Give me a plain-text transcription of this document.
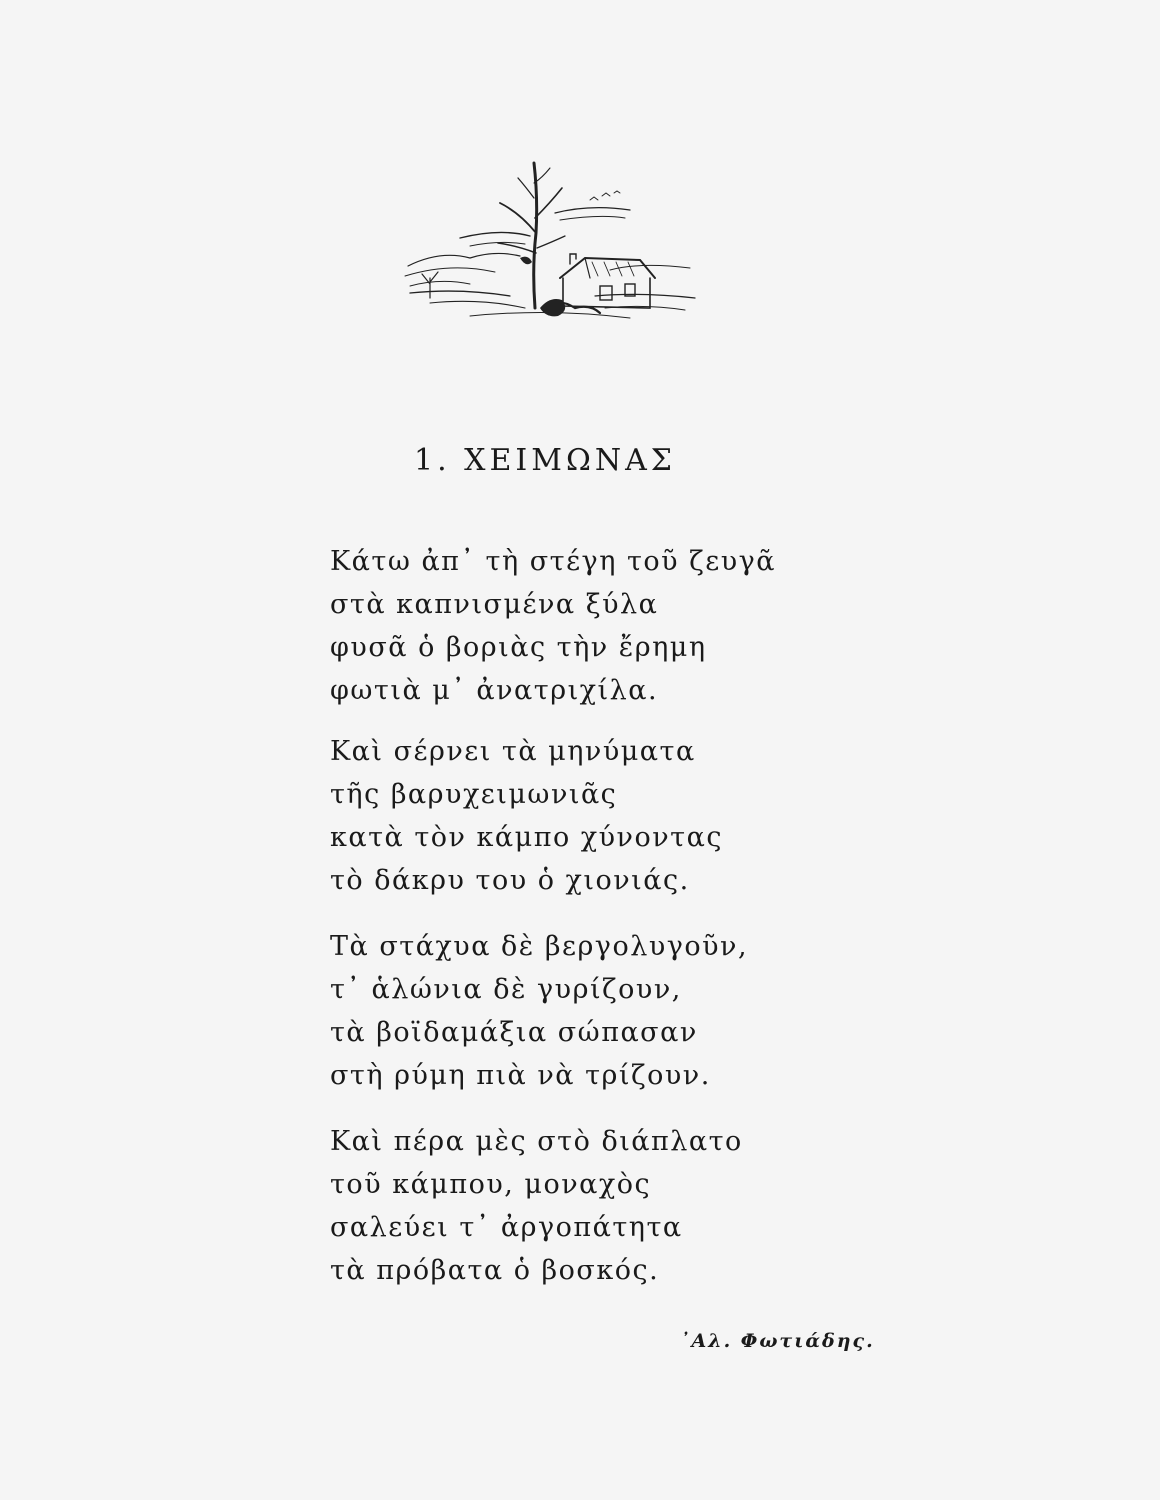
1. ΧΕΙΜΩΝΑΣ
Κάτω ἀπ᾽ τὴ στέγη τοῦ ζευγᾶ
στὰ καπνισμένα ξύλα
φυσᾶ ὁ βοριὰς τὴν ἔρημη
φωτιὰ μ᾽ ἀνατριχίλα.
Καὶ σέρνει τὰ μηνύματα
τῆς βαρυχειμωνιᾶς
κατὰ τὸν κάμπο χύνοντας
τὸ δάκρυ του ὁ χιονιάς.
Τὰ στάχυα δὲ βεργολυγοῦν,
τ᾽ ἁλώνια δὲ γυρίζουν,
τὰ βοϊδαμάξια σώπασαν
στὴ ρύμη πιὰ νὰ τρίζουν.
Καὶ πέρα μὲς στὸ διάπλατο
τοῦ κάμπου, μοναχὸς
σαλεύει τ᾽ ἀργοπάτητα
τὰ πρόβατα ὁ βοσκός.
᾽Αλ. Φωτιάδης.
